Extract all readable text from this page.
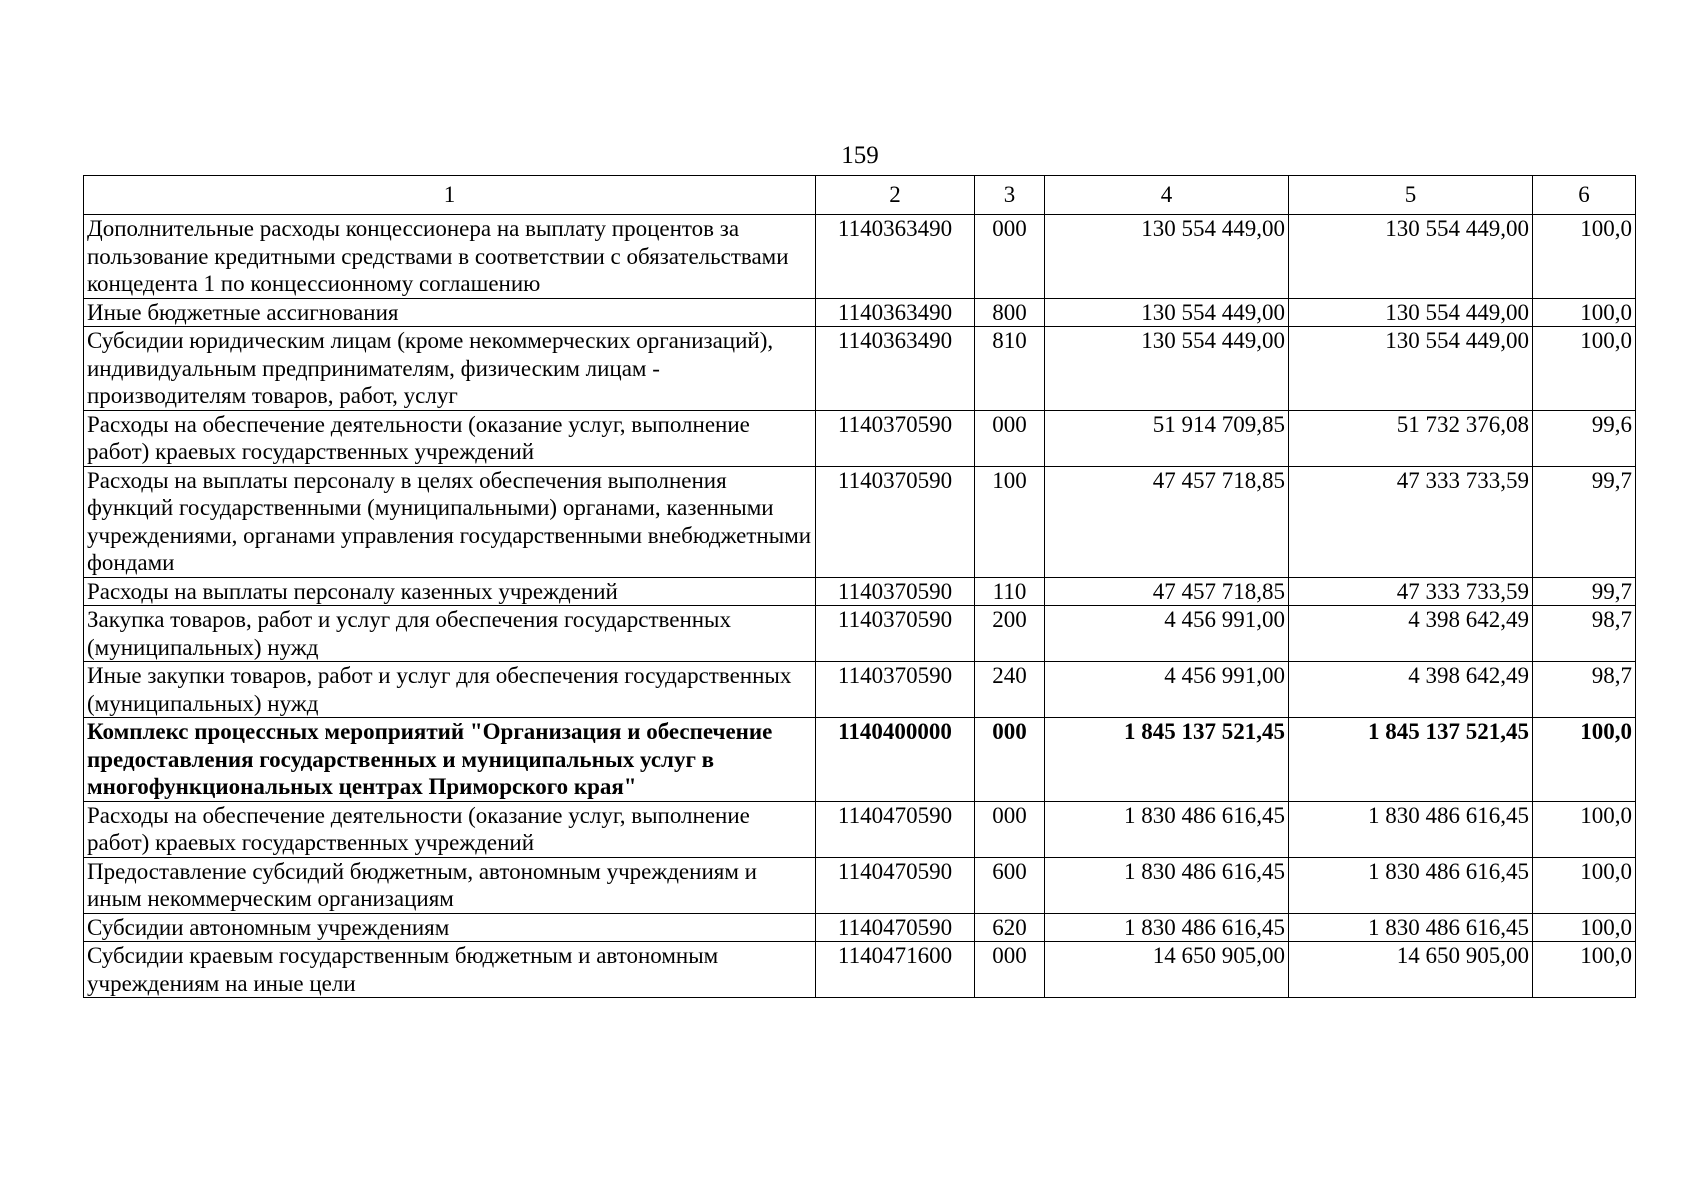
159
1	2	3	4	5	6
Дополнительные расходы концессионера на выплату процентов за пользование кредитными средствами в соответствии с обязательствами концедента 1 по концессионному соглашению	1140363490	000	130 554 449,00	130 554 449,00	100,0
Иные бюджетные ассигнования	1140363490	800	130 554 449,00	130 554 449,00	100,0
Субсидии юридическим лицам (кроме некоммерческих организаций), индивидуальным предпринимателям, физическим лицам - производителям товаров, работ, услуг	1140363490	810	130 554 449,00	130 554 449,00	100,0
Расходы на обеспечение деятельности (оказание услуг, выполнение работ) краевых государственных учреждений	1140370590	000	51 914 709,85	51 732 376,08	99,6
Расходы на выплаты персоналу в целях обеспечения выполнения функций государственными (муниципальными) органами, казенными учреждениями, органами управления государственными внебюджетными фондами	1140370590	100	47 457 718,85	47 333 733,59	99,7
Расходы на выплаты персоналу казенных учреждений	1140370590	110	47 457 718,85	47 333 733,59	99,7
Закупка товаров, работ и услуг для обеспечения государственных (муниципальных) нужд	1140370590	200	4 456 991,00	4 398 642,49	98,7
Иные закупки товаров, работ и услуг для обеспечения государственных (муниципальных) нужд	1140370590	240	4 456 991,00	4 398 642,49	98,7
Комплекс процессных мероприятий "Организация и обеспечение предоставления государственных и муниципальных услуг в многофункциональных центрах Приморского края"	1140400000	000	1 845 137 521,45	1 845 137 521,45	100,0
Расходы на обеспечение деятельности (оказание услуг, выполнение работ) краевых государственных учреждений	1140470590	000	1 830 486 616,45	1 830 486 616,45	100,0
Предоставление субсидий бюджетным, автономным учреждениям и иным некоммерческим организациям	1140470590	600	1 830 486 616,45	1 830 486 616,45	100,0
Субсидии автономным учреждениям	1140470590	620	1 830 486 616,45	1 830 486 616,45	100,0
Субсидии краевым государственным бюджетным и автономным учреждениям на иные цели	1140471600	000	14 650 905,00	14 650 905,00	100,0
